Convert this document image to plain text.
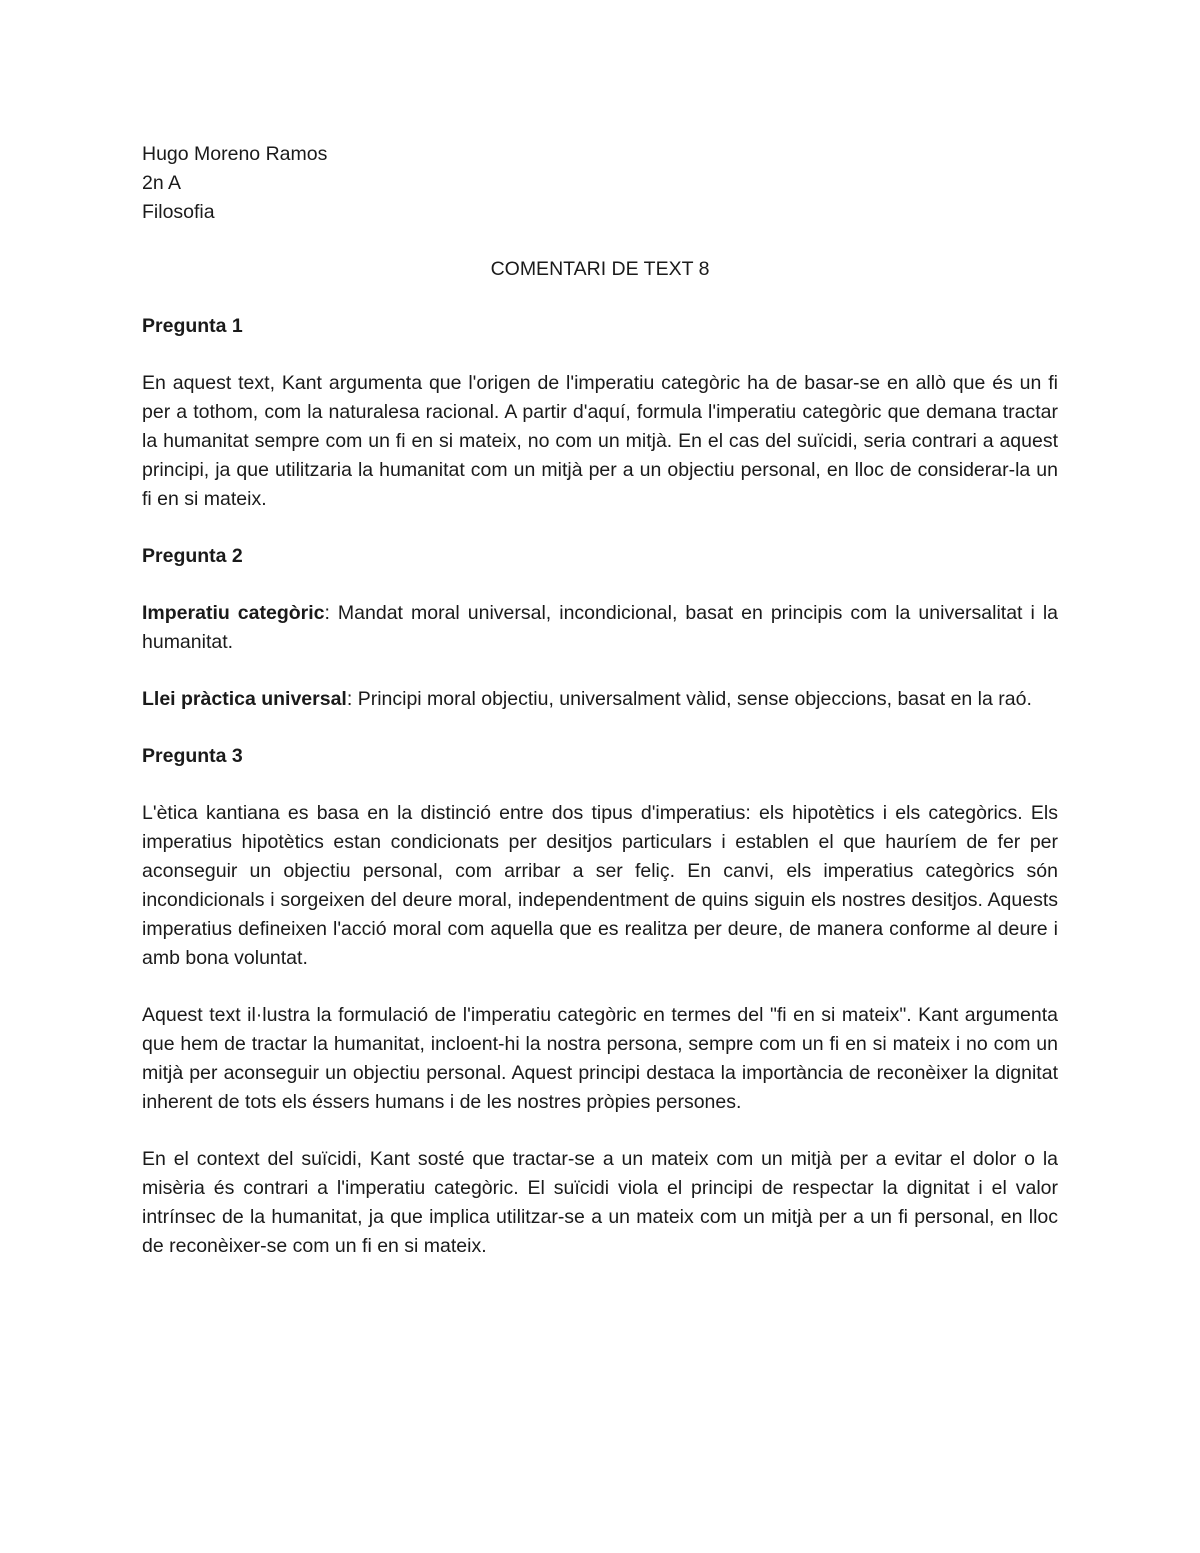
Hugo Moreno Ramos

2n A

Filosofia

COMENTARI DE TEXT 8

Pregunta 1

En aquest text, Kant argumenta que l'origen de l'imperatiu categòric ha de basar-se en allò que és un fi per a tothom, com la naturalesa racional. A partir d'aquí, formula l'imperatiu categòric que demana tractar la humanitat sempre com un fi en si mateix, no com un mitjà. En el cas del suïcidi, seria contrari a aquest principi, ja que utilitzaria la humanitat com un mitjà per a un objectiu personal, en lloc de considerar-la un fi en si mateix.

Pregunta 2

Imperatiu categòric: Mandat moral universal, incondicional, basat en principis com la universalitat i la humanitat.

Llei pràctica universal: Principi moral objectiu, universalment vàlid, sense objeccions, basat en la raó.

Pregunta 3

L'ètica kantiana es basa en la distinció entre dos tipus d'imperatius: els hipotètics i els categòrics. Els imperatius hipotètics estan condicionats per desitjos particulars i establen el que hauríem de fer per aconseguir un objectiu personal, com arribar a ser feliç. En canvi, els imperatius categòrics són incondicionals i sorgeixen del deure moral, independentment de quins siguin els nostres desitjos. Aquests imperatius defineixen l'acció moral com aquella que es realitza per deure, de manera conforme al deure i amb bona voluntat.

Aquest text il·lustra la formulació de l'imperatiu categòric en termes del "fi en si mateix". Kant argumenta que hem de tractar la humanitat, incloent-hi la nostra persona, sempre com un fi en si mateix i no com un mitjà per aconseguir un objectiu personal. Aquest principi destaca la importància de reconèixer la dignitat inherent de tots els éssers humans i de les nostres pròpies persones.

En el context del suïcidi, Kant sosté que tractar-se a un mateix com un mitjà per a evitar el dolor o la misèria és contrari a l'imperatiu categòric. El suïcidi viola el principi de respectar la dignitat i el valor intrínsec de la humanitat, ja que implica utilitzar-se a un mateix com un mitjà per a un fi personal, en lloc de reconèixer-se com un fi en si mateix.
